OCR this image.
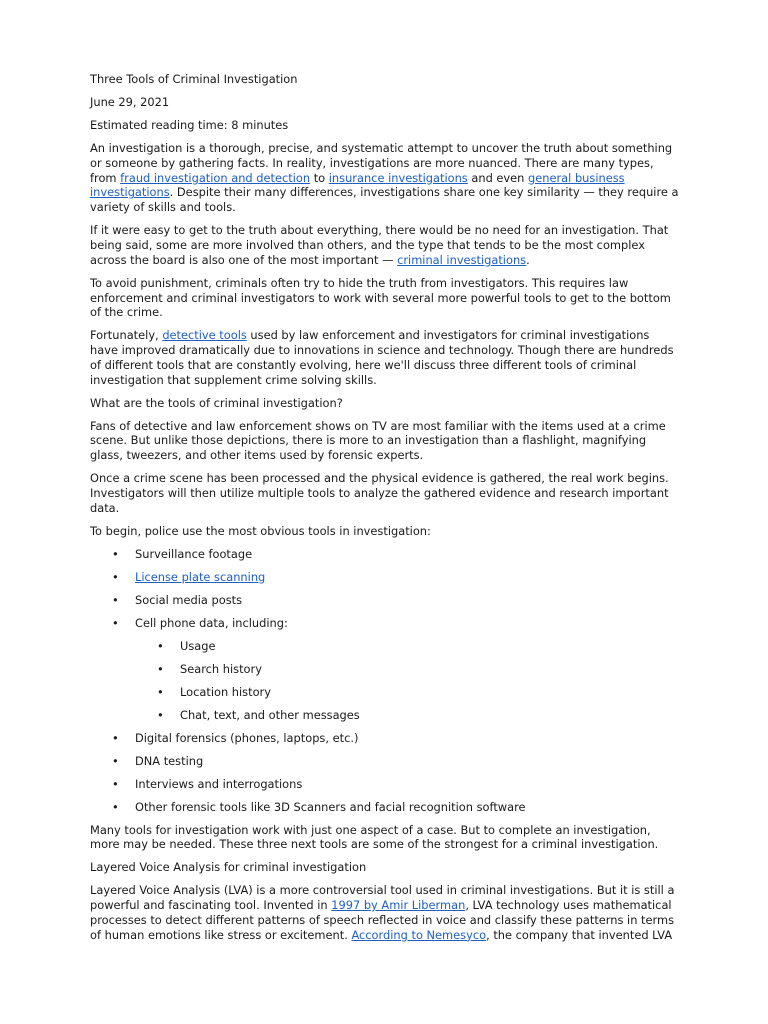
Three Tools of Criminal Investigation

June 29, 2021

Estimated reading time: 8 minutes

An investigation is a thorough, precise, and systematic attempt to uncover the truth about something or someone by gathering facts. In reality, investigations are more nuanced. There are many types, from fraud investigation and detection to insurance investigations and even general business investigations. Despite their many differences, investigations share one key similarity — they require a variety of skills and tools.

If it were easy to get to the truth about everything, there would be no need for an investigation. That being said, some are more involved than others, and the type that tends to be the most complex across the board is also one of the most important — criminal investigations.

To avoid punishment, criminals often try to hide the truth from investigators. This requires law enforcement and criminal investigators to work with several more powerful tools to get to the bottom of the crime.

Fortunately, detective tools used by law enforcement and investigators for criminal investigations have improved dramatically due to innovations in science and technology. Though there are hundreds of different tools that are constantly evolving, here we'll discuss three different tools of criminal investigation that supplement crime solving skills.

What are the tools of criminal investigation?

Fans of detective and law enforcement shows on TV are most familiar with the items used at a crime scene. But unlike those depictions, there is more to an investigation than a flashlight, magnifying glass, tweezers, and other items used by forensic experts.

Once a crime scene has been processed and the physical evidence is gathered, the real work begins. Investigators will then utilize multiple tools to analyze the gathered evidence and research important data.

To begin, police use the most obvious tools in investigation:

• Surveillance footage
• License plate scanning
• Social media posts
• Cell phone data, including:
• Usage
• Search history
• Location history
• Chat, text, and other messages
• Digital forensics (phones, laptops, etc.)
• DNA testing
• Interviews and interrogations
• Other forensic tools like 3D Scanners and facial recognition software

Many tools for investigation work with just one aspect of a case. But to complete an investigation, more may be needed. These three next tools are some of the strongest for a criminal investigation.

Layered Voice Analysis for criminal investigation

Layered Voice Analysis (LVA) is a more controversial tool used in criminal investigations. But it is still a powerful and fascinating tool. Invented in 1997 by Amir Liberman, LVA technology uses mathematical processes to detect different patterns of speech reflected in voice and classify these patterns in terms of human emotions like stress or excitement. According to Nemesyco, the company that invented LVA
